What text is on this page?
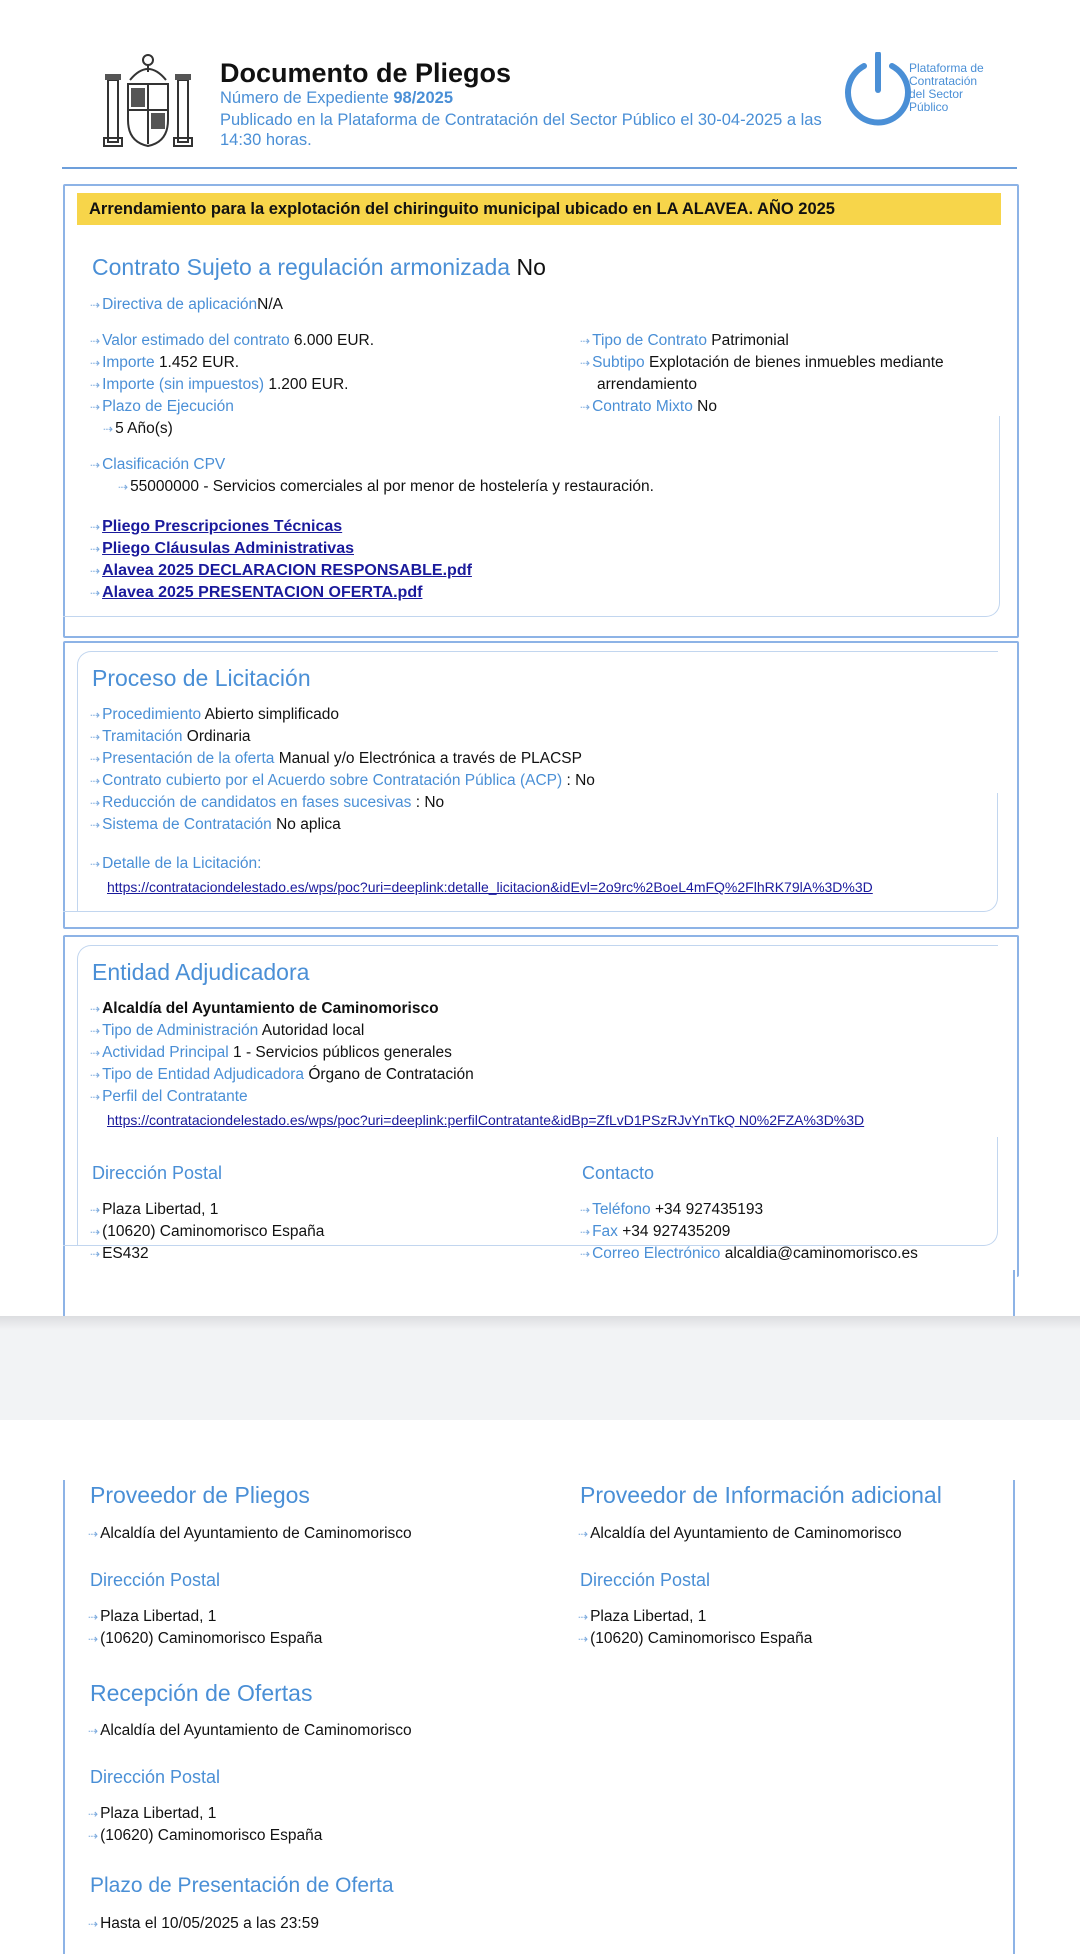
Documento de Pliegos
Número de Expediente 98/2025
Publicado en la Plataforma de Contratación del Sector Público el 30-04-2025 a las 14:30 horas.
Plataforma de
Contratación
del Sector
Público
Arrendamiento para la explotación del chiringuito municipal ubicado en LA ALAVEA. AÑO 2025
Contrato Sujeto a regulación armonizada No
⇢ Directiva de aplicaciónN/A
⇢ Valor estimado del contrato 6.000 EUR.
⇢ Importe 1.452 EUR.
⇢ Importe (sin impuestos) 1.200 EUR.
⇢ Plazo de Ejecución
⇢ 5 Año(s)
⇢ Tipo de Contrato Patrimonial
⇢ Subtipo Explotación de bienes inmuebles mediante
arrendamiento
⇢ Contrato Mixto No
⇢ Clasificación CPV
⇢ 55000000 - Servicios comerciales al por menor de hostelería y restauración.
⇢ Pliego Prescripciones Técnicas
⇢ Pliego Cláusulas Administrativas
⇢ Alavea 2025 DECLARACION RESPONSABLE.pdf
⇢ Alavea 2025 PRESENTACION OFERTA.pdf
Proceso de Licitación
⇢ Procedimiento Abierto simplificado
⇢ Tramitación Ordinaria
⇢ Presentación de la oferta Manual y/o Electrónica a través de PLACSP
⇢ Contrato cubierto por el Acuerdo sobre Contratación Pública (ACP) : No
⇢ Reducción de candidatos en fases sucesivas : No
⇢ Sistema de Contratación No aplica
⇢ Detalle de la Licitación:
https://contrataciondelestado.es/wps/poc?uri=deeplink:detalle_licitacion&idEvl=2o9rc%2BoeL4mFQ%2FlhRK79lA%3D%3D
Entidad Adjudicadora
⇢ Alcaldía del Ayuntamiento de Caminomorisco
⇢ Tipo de Administración Autoridad local
⇢ Actividad Principal 1 - Servicios públicos generales
⇢ Tipo de Entidad Adjudicadora Órgano de Contratación
⇢ Perfil del Contratante
https://contrataciondelestado.es/wps/poc?uri=deeplink:perfilContratante&idBp=ZfLvD1PSzRJvYnTkQ N0%2FZA%3D%3D
Dirección Postal
⇢ Plaza Libertad, 1
⇢ (10620) Caminomorisco España
⇢ ES432
Contacto
⇢ Teléfono +34 927435193
⇢ Fax +34 927435209
⇢ Correo Electrónico alcaldia@caminomorisco.es
Proveedor de Pliegos
⇢ Alcaldía del Ayuntamiento de Caminomorisco
Dirección Postal
⇢ Plaza Libertad, 1
⇢ (10620) Caminomorisco España
Proveedor de Información adicional
⇢ Alcaldía del Ayuntamiento de Caminomorisco
Dirección Postal
⇢ Plaza Libertad, 1
⇢ (10620) Caminomorisco España
Recepción de Ofertas
⇢ Alcaldía del Ayuntamiento de Caminomorisco
Dirección Postal
⇢ Plaza Libertad, 1
⇢ (10620) Caminomorisco España
Plazo de Presentación de Oferta
⇢ Hasta el 10/05/2025 a las 23:59
